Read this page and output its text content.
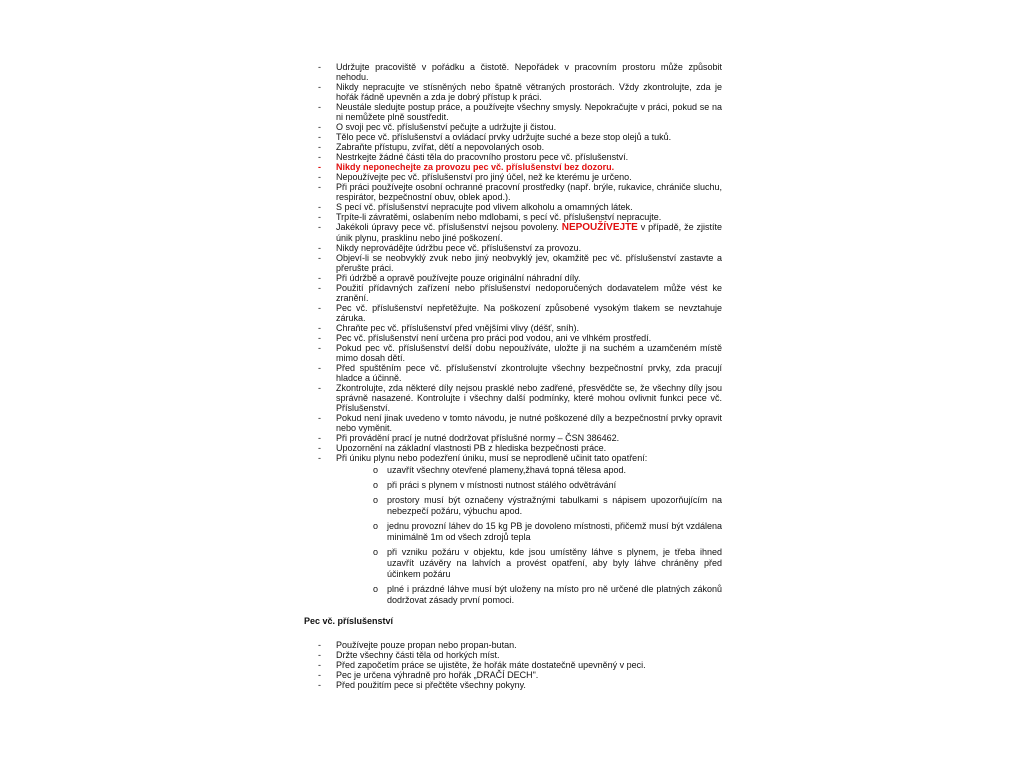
- Udržujte pracoviště v pořádku a čistotě. Nepořádek v pracovním prostoru může způsobit nehodu.
- Nikdy nepracujte ve stísněných nebo špatně větraných prostorách. Vždy zkontrolujte, zda je hořák řádně upevněn a zda je dobrý přístup k práci.
- Neustále sledujte postup práce, a používejte všechny smysly. Nepokračujte v práci, pokud se na ni nemůžete plně soustředit.
- O svoji pec vč. příslušenství pečujte a udržujte ji čistou.
- Tělo pece vč. příslušenství a ovládací prvky udržujte suché a beze stop olejů a tuků.
- Zabraňte přístupu, zvířat, dětí a nepovolaných osob.
- Nestrkejte žádné části těla do pracovního prostoru pece vč. příslušenství.
- Nikdy neponechejte za provozu pec vč. příslušenství bez dozoru.
- Nepoužívejte pec vč. příslušenství pro jiný účel, než ke kterému je určeno.
- Při práci používejte osobní ochranné pracovní prostředky (např. brýle, rukavice, chrániče sluchu, respirátor, bezpečnostní obuv, oblek apod.).
- S pecí vč. příslušenství nepracujte pod vlivem alkoholu a omamných látek.
- Trpíte-li závratěmi, oslabením nebo mdlobami, s pecí vč. příslušenství nepracujte.
- Jakékoli úpravy pece vč. příslušenství nejsou povoleny. NEPOUŽÍVEJTE v případě, že zjistíte únik plynu, prasklinu nebo jiné poškození.
- Nikdy neprovádějte údržbu pece vč. příslušenství za provozu.
- Objeví-li se neobvyklý zvuk nebo jiný neobvyklý jev, okamžitě pec vč. příslušenství zastavte a přerušte práci.
- Při údržbě a opravě používejte pouze originální náhradní díly.
- Použití přídavných zařízení nebo příslušenství nedoporučených dodavatelem může vést ke zranění.
- Pec vč. příslušenství nepřetěžujte. Na poškození způsobené vysokým tlakem se nevztahuje záruka.
- Chraňte pec vč. příslušenství před vnějšími vlivy (déšť, sníh).
- Pec vč. příslušenství není určena pro práci pod vodou, ani ve vlhkém prostředí.
- Pokud pec vč. příslušenství delší dobu nepoužíváte, uložte ji na suchém a uzamčeném místě mimo dosah dětí.
- Před spuštěním pece vč. příslušenství zkontrolujte všechny bezpečnostní prvky, zda pracují hladce a účinně.
- Zkontrolujte, zda některé díly nejsou prasklé nebo zadřené, přesvědčte se, že všechny díly jsou správně nasazené. Kontrolujte i všechny další podmínky, které mohou ovlivnit funkci pece vč. Příslušenství.
- Pokud není jinak uvedeno v tomto návodu, je nutné poškozené díly a bezpečnostní prvky opravit nebo vyměnit.
- Při provádění prací je nutné dodržovat příslušné normy – ČSN 386462.
- Upozornění na základní vlastnosti PB z hlediska bezpečnosti práce.
- Při úniku plynu nebo podezření úniku, musí se neprodleně učinit tato opatření:
o uzavřít všechny otevřené plameny,žhavá topná tělesa apod.
o při práci s plynem v místnosti nutnost stálého odvětrávání
o prostory musí být označeny výstražnými tabulkami s nápisem upozorňujícím na nebezpečí požáru, výbuchu apod.
o jednu provozní láhev do 15 kg PB je dovoleno místnosti, přičemž musí být vzdálena minimálně 1m od všech zdrojů tepla
o při vzniku požáru v objektu, kde jsou umístěny láhve s plynem, je třeba ihned uzavřít uzávěry na lahvích a provést opatření, aby byly láhve chráněny před účinkem požáru
o plné i prázdné láhve musí být uloženy na místo pro ně určené dle platných zákonů dodržovat zásady první pomoci.
Pec vč. příslušenství
- Používejte pouze propan nebo propan-butan.
- Držte všechny části těla od horkých míst.
- Před započetím práce se ujistěte, že hořák máte dostatečně upevněný v peci.
- Pec je určena výhradně pro hořák „DRAČÍ DECH".
- Před použitím pece si přečtěte všechny pokyny.
